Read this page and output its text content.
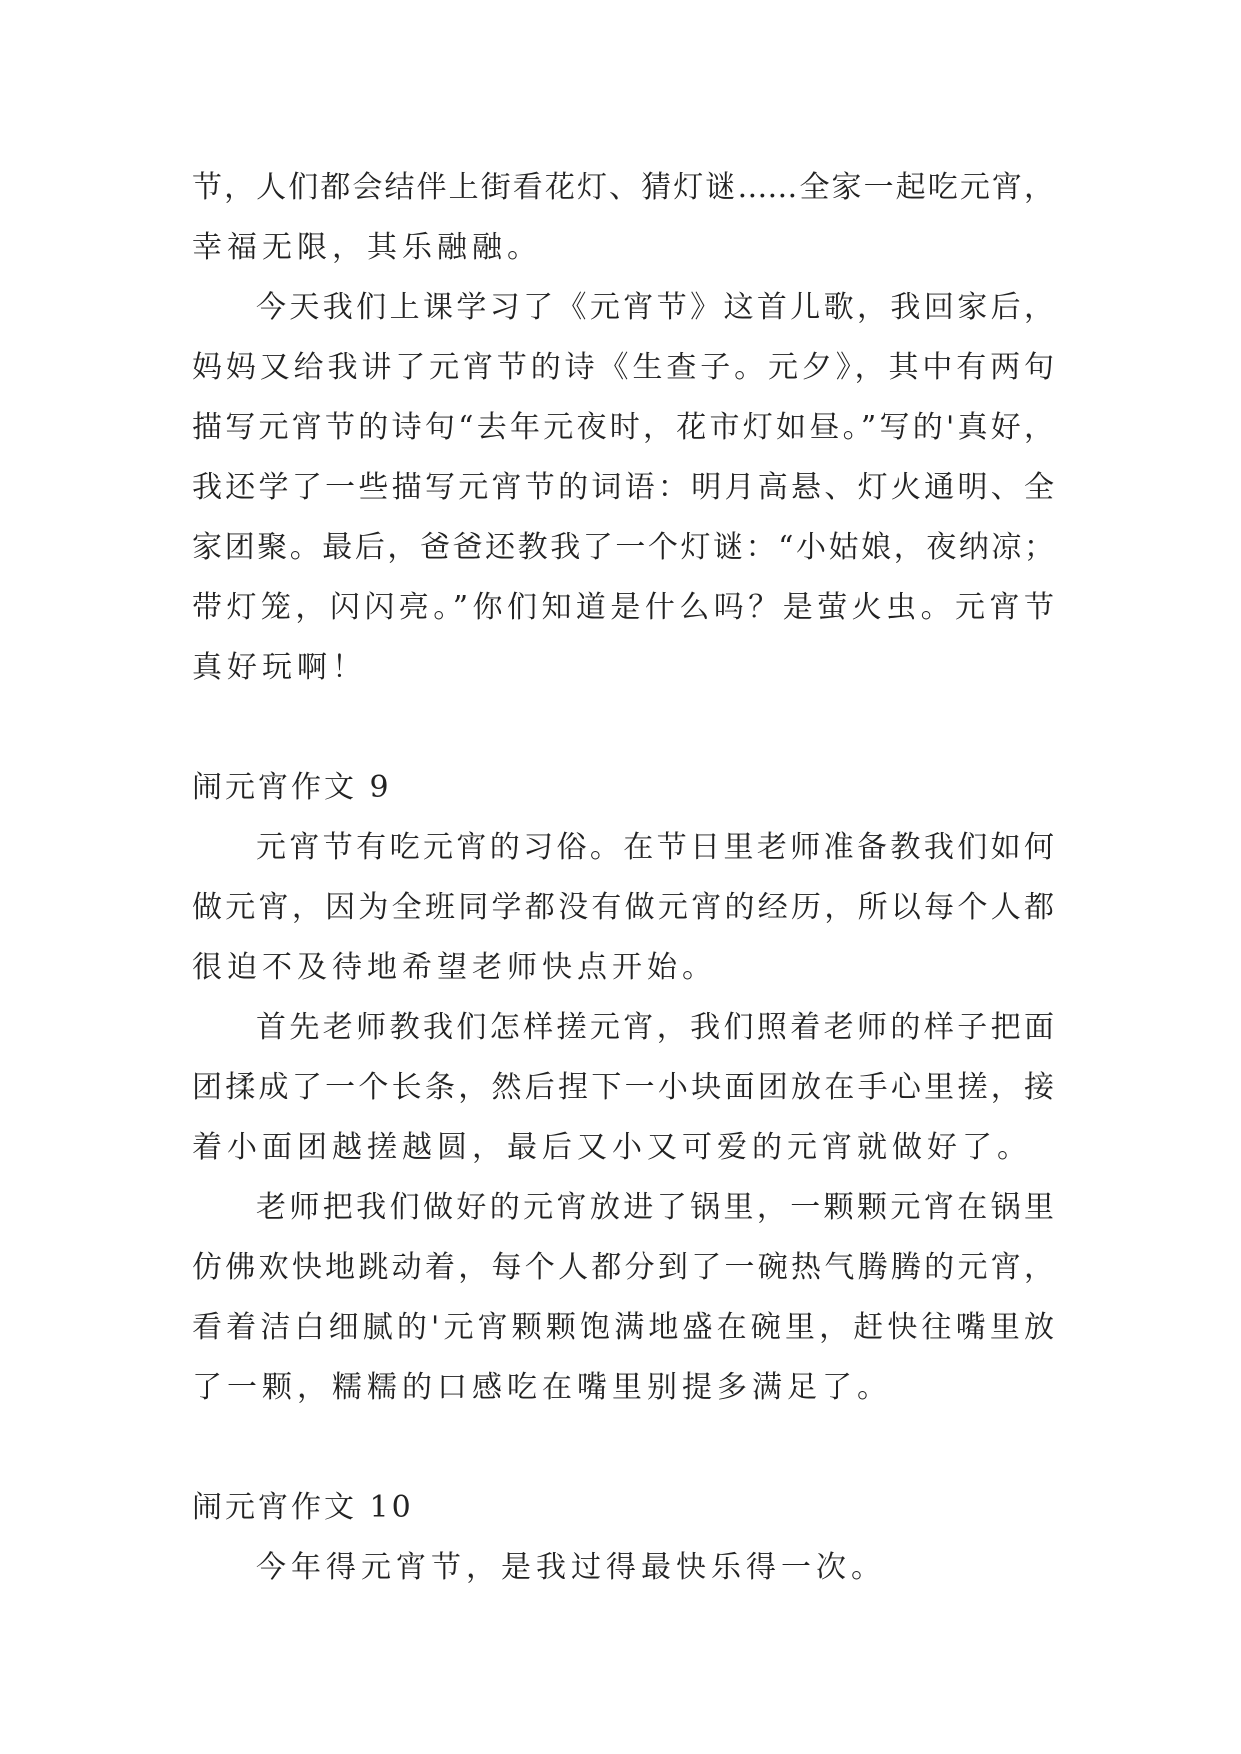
节，人们都会结伴上街看花灯、猜灯谜……全家一起吃元宵，
幸福无限，其乐融融。
今天我们上课学习了《元宵节》这首儿歌，我回家后，
妈妈又给我讲了元宵节的诗《生查子。元夕》，其中有两句
描写元宵节的诗句“去年元夜时，花市灯如昼。”写的'真好，
我还学了一些描写元宵节的词语：明月高悬、灯火通明、全
家团聚。最后，爸爸还教我了一个灯谜：“小姑娘，夜纳凉；
带灯笼，闪闪亮。”你们知道是什么吗？是萤火虫。元宵节
真好玩啊！
闹元宵作文 9
元宵节有吃元宵的习俗。在节日里老师准备教我们如何
做元宵，因为全班同学都没有做元宵的经历，所以每个人都
很迫不及待地希望老师快点开始。
首先老师教我们怎样搓元宵，我们照着老师的样子把面
团揉成了一个长条，然后捏下一小块面团放在手心里搓，接
着小面团越搓越圆，最后又小又可爱的元宵就做好了。
老师把我们做好的元宵放进了锅里，一颗颗元宵在锅里
仿佛欢快地跳动着，每个人都分到了一碗热气腾腾的元宵，
看着洁白细腻的'元宵颗颗饱满地盛在碗里，赶快往嘴里放
了一颗，糯糯的口感吃在嘴里别提多满足了。
闹元宵作文 10
今年得元宵节，是我过得最快乐得一次。
